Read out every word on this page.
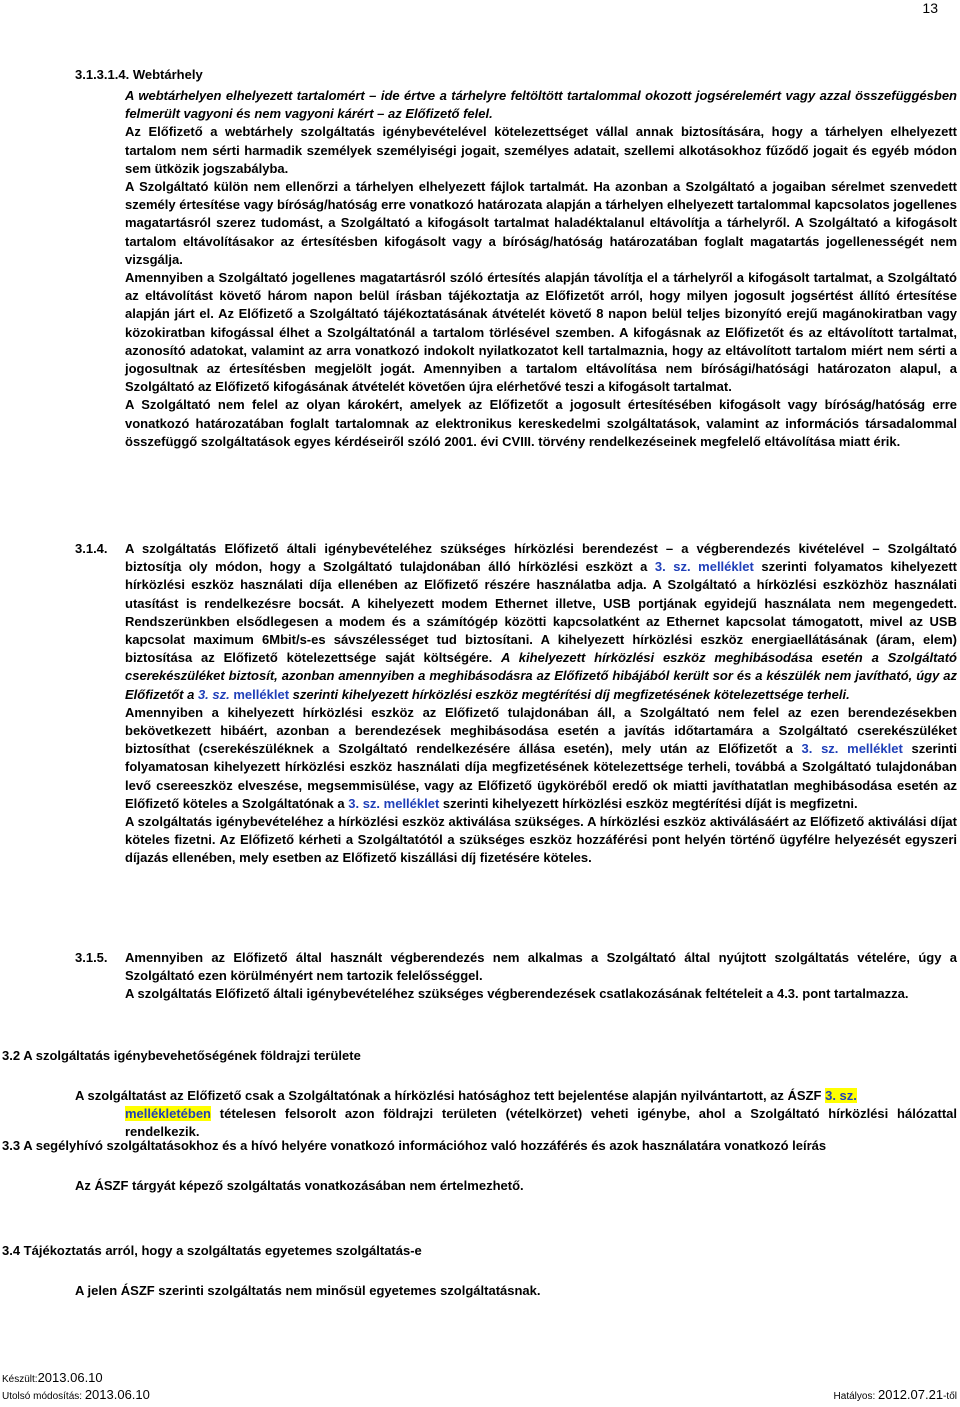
13
3.1.3.1.4. Webtárhely

A webtárhelyen elhelyezett tartalomért – ide értve a tárhelyre feltöltött tartalommal okozott jogsérelemért vagy azzal összefüggésben felmerült vagyoni és nem vagyoni kárért – az Előfizető felel.

Az Előfizető a webtárhely szolgáltatás igénybevételével kötelezettséget vállal annak biztosítására, hogy a tárhelyen elhelyezett tartalom nem sérti harmadik személyek személyiségi jogait, személyes adatait, szellemi alkotásokhoz fűződő jogait és egyéb módon sem ütközik jogszabályba.

A Szolgáltató külön nem ellenőrzi a tárhelyen elhelyezett fájlok tartalmát. Ha azonban a Szolgáltató a jogaiban sérelmet szenvedett személy értesítése vagy bíróság/hatóság erre vonatkozó határozata alapján a tárhelyen elhelyezett tartalommal kapcsolatos jogellenes magatartásról szerez tudomást, a Szolgáltató a kifogásolt tartalmat haladéktalanul eltávolítja a tárhelyről. A Szolgáltató a kifogásolt tartalom eltávolításakor az értesítésben kifogásolt vagy a bíróság/hatóság határozatában foglalt magatartás jogellenességét nem vizsgálja.

Amennyiben a Szolgáltató jogellenes magatartásról szóló értesítés alapján távolítja el a tárhelyről a kifogásolt tartalmat, a Szolgáltató az eltávolítást követő három napon belül írásban tájékoztatja az Előfizetőt arról, hogy milyen jogosult jogsértést állító értesítése alapján járt el. Az Előfizető a Szolgáltató tájékoztatásának átvételét követő 8 napon belül teljes bizonyító erejű magánokiratban vagy közokiratban kifogással élhet a Szolgáltatónál a tartalom törlésével szemben. A kifogásnak az Előfizetőt és az eltávolított tartalmat, azonosító adatokat, valamint az arra vonatkozó indokolt nyilatkozatot kell tartalmaznia, hogy az eltávolított tartalom miért nem sérti a jogosultnak az értesítésben megjelölt jogát. Amennyiben a tartalom eltávolítása nem bírósági/hatósági határozaton alapul, a Szolgáltató az Előfizető kifogásának átvételét követően újra elérhetővé teszi a kifogásolt tartalmat.

A Szolgáltató nem felel az olyan károkért, amelyek az Előfizetőt a jogosult értesítésében kifogásolt vagy bíróság/hatóság erre vonatkozó határozatában foglalt tartalomnak az elektronikus kereskedelmi szolgáltatások, valamint az információs társadalommal összefüggő szolgáltatások egyes kérdéseiről szóló 2001. évi CVIII. törvény rendelkezéseinek megfelelő eltávolítása miatt érik.

3.1.4. A szolgáltatás Előfizető általi igénybevételéhez szükséges hírközlési berendezést – a végberendezés kivételével – Szolgáltató biztosítja oly módon, hogy a Szolgáltató tulajdonában álló hírközlési eszközt a 3. sz. melléklet szerinti folyamatos kihelyezett hírközlési eszköz használati díja ellenében az Előfizető részére használatba adja. A Szolgáltató a hírközlési eszközhöz használati utasítást is rendelkezésre bocsát. A kihelyezett modem Ethernet illetve, USB portjának egyidejű használata nem megengedett. Rendszerünkben elsődlegesen a modem és a számítógép közötti kapcsolatként az Ethernet kapcsolat támogatott, mivel az USB kapcsolat maximum 6Mbit/s-es sávszélességet tud biztosítani. A kihelyezett hírközlési eszköz energiaellátásának (áram, elem) biztosítása az Előfizető kötelezettsége saját költségére. A kihelyezett hírközlési eszköz meghibásodása esetén a Szolgáltató cserekészüléket biztosít, azonban amennyiben a meghibásodásra az Előfizető hibájából került sor és a készülék nem javítható, úgy az Előfizetőt a 3. sz. melléklet szerinti kihelyezett hírközlési eszköz megtérítési díj megfizetésének kötelezettsége terheli.

Amennyiben a kihelyezett hírközlési eszköz az Előfizető tulajdonában áll, a Szolgáltató nem felel az ezen berendezésekben bekövetkezett hibáért, azonban a berendezések meghibásodása esetén a javítás időtartamára a Szolgáltató cserekészüléket biztosíthat (cserekészüléknek a Szolgáltató rendelkezésére állása esetén), mely után az Előfizetőt a 3. sz. melléklet szerinti folyamatosan kihelyezett hírközlési eszköz használati díja megfizetésének kötelezettsége terheli, továbbá a Szolgáltató tulajdonában levő csereeszköz elveszése, megsemmisülése, vagy az Előfizető ügyköréből eredő ok miatti javíthatatlan meghibásodása esetén az Előfizető köteles a Szolgáltatónak a 3. sz. melléklet szerinti kihelyezett hírközlési eszköz megtérítési díját is megfizetni.

A szolgáltatás igénybevételéhez a hírközlési eszköz aktiválása szükséges. A hírközlési eszköz aktiválásáért az Előfizető aktiválási díjat köteles fizetni. Az Előfizető kérheti a Szolgáltatótól a szükséges eszköz hozzáférési pont helyén történő ügyfélre helyezését egyszeri díjazás ellenében, mely esetben az Előfizető kiszállási díj fizetésére köteles.

3.1.5. Amennyiben az Előfizető által használt végberendezés nem alkalmas a Szolgáltató által nyújtott szolgáltatás vételére, úgy a Szolgáltató ezen körülményért nem tartozik felelősséggel.

A szolgáltatás Előfizető általi igénybevételéhez szükséges végberendezések csatlakozásának feltételeit a 4.3. pont tartalmazza.

3.2 A szolgáltatás igénybevehetőségének földrajzi területe

A szolgáltatást az Előfizető csak a Szolgáltatónak a hírközlési hatósághoz tett bejelentése alapján nyilvántartott, az ÁSZF 3. sz.
mellékletében tételesen felsorolt azon földrajzi területen (vételkörzet) veheti igénybe, ahol a Szolgáltató hírközlési hálózattal rendelkezik.

3.3 A segélyhívó szolgáltatásokhoz és a hívó helyére vonatkozó információhoz való hozzáférés és azok használatára vonatkozó leírás
Az ÁSZF tárgyát képező szolgáltatás vonatkozásában nem értelmezhető.
3.4 Tájékoztatás arról, hogy a szolgáltatás egyetemes szolgáltatás-e
A jelen ÁSZF szerinti szolgáltatás nem minősül egyetemes szolgáltatásnak.
Készült:2013.06.10
Utolsó módosítás: 2013.06.10	Hatályos: 2012.07.21-től
